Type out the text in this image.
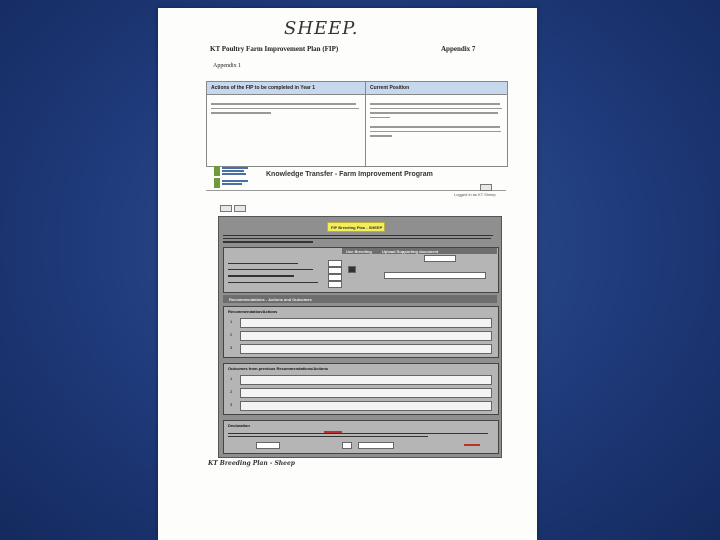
SHEEP.
KT Poultry Farm Improvement Plan (FIP)	Appendix 7
Appendix 1
Actions of the FIP to be completed in Year 1	Current Position
Knowledge Transfer - Farm Improvement Program
Logged in as KT Sheep
FIP Breeding Plan - SHEEP
Use Breeding	Upload Supporting document
Recommendations - Actions and Outcomes
Recommendation/Actions
1
2
3
Outcomes from previous Recommendations/Actions
1
2
3
Declaration
KT Breeding Plan - Sheep
